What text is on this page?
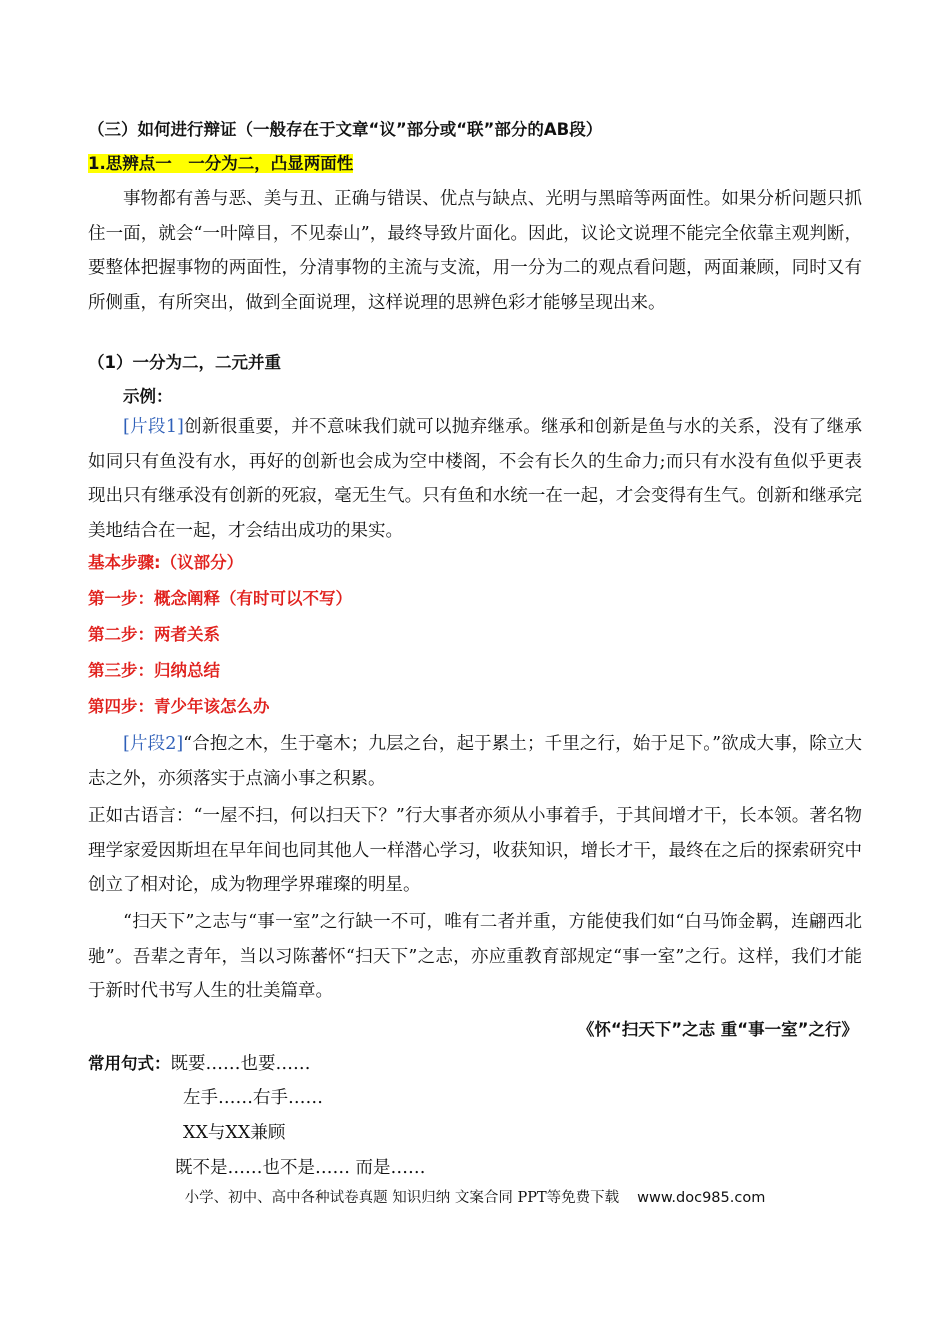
（三）如何进行辩证（一般存在于文章“议”部分或“联”部分的AB段）
1.思辨点一　一分为二，凸显两面性
事物都有善与恶、美与丑、正确与错误、优点与缺点、光明与黑暗等两面性。如果分析问题只抓住一面，就会“一叶障目，不见泰山”，最终导致片面化。因此，议论文说理不能完全依靠主观判断，要整体把握事物的两面性，分清事物的主流与支流，用一分为二的观点看问题，两面兼顾，同时又有所侧重，有所突出，做到全面说理，这样说理的思辨色彩才能够呈现出来。
（1）一分为二，二元并重
示例：
[片段1]创新很重要，并不意味我们就可以抛弃继承。继承和创新是鱼与水的关系，没有了继承如同只有鱼没有水，再好的创新也会成为空中楼阁，不会有长久的生命力;而只有水没有鱼似乎更表现出只有继承没有创新的死寂，毫无生气。只有鱼和水统一在一起，才会变得有生气。创新和继承完美地结合在一起，才会结出成功的果实。
基本步骤:（议部分）
第一步：概念阐释（有时可以不写）
第二步：两者关系
第三步：归纳总结
第四步：青少年该怎么办
[片段2]“合抱之木，生于毫木；九层之台，起于累土；千里之行，始于足下。”欲成大事，除立大志之外，亦须落实于点滴小事之积累。
正如古语言：“一屋不扫，何以扫天下？”行大事者亦须从小事着手，于其间增才干，长本领。著名物理学家爱因斯坦在早年间也同其他人一样潜心学习，收获知识，增长才干，最终在之后的探索研究中创立了相对论，成为物理学界璀璨的明星。
“扫天下”之志与“事一室”之行缺一不可，唯有二者并重，方能使我们如“白马饰金羁，连翩西北驰”。吾辈之青年，当以习陈蕃怀“扫天下”之志，亦应重教育部规定“事一室”之行。这样，我们才能于新时代书写人生的壮美篇章。
《怀“扫天下”之志 重“事一室”之行》
常用句式：既要……也要……
左手……右手……
XX与XX兼顾
既不是……也不是…… 而是……
小学、初中、高中各种试卷真题 知识归纳 文案合同 PPT等免费下载 www.doc985.com
